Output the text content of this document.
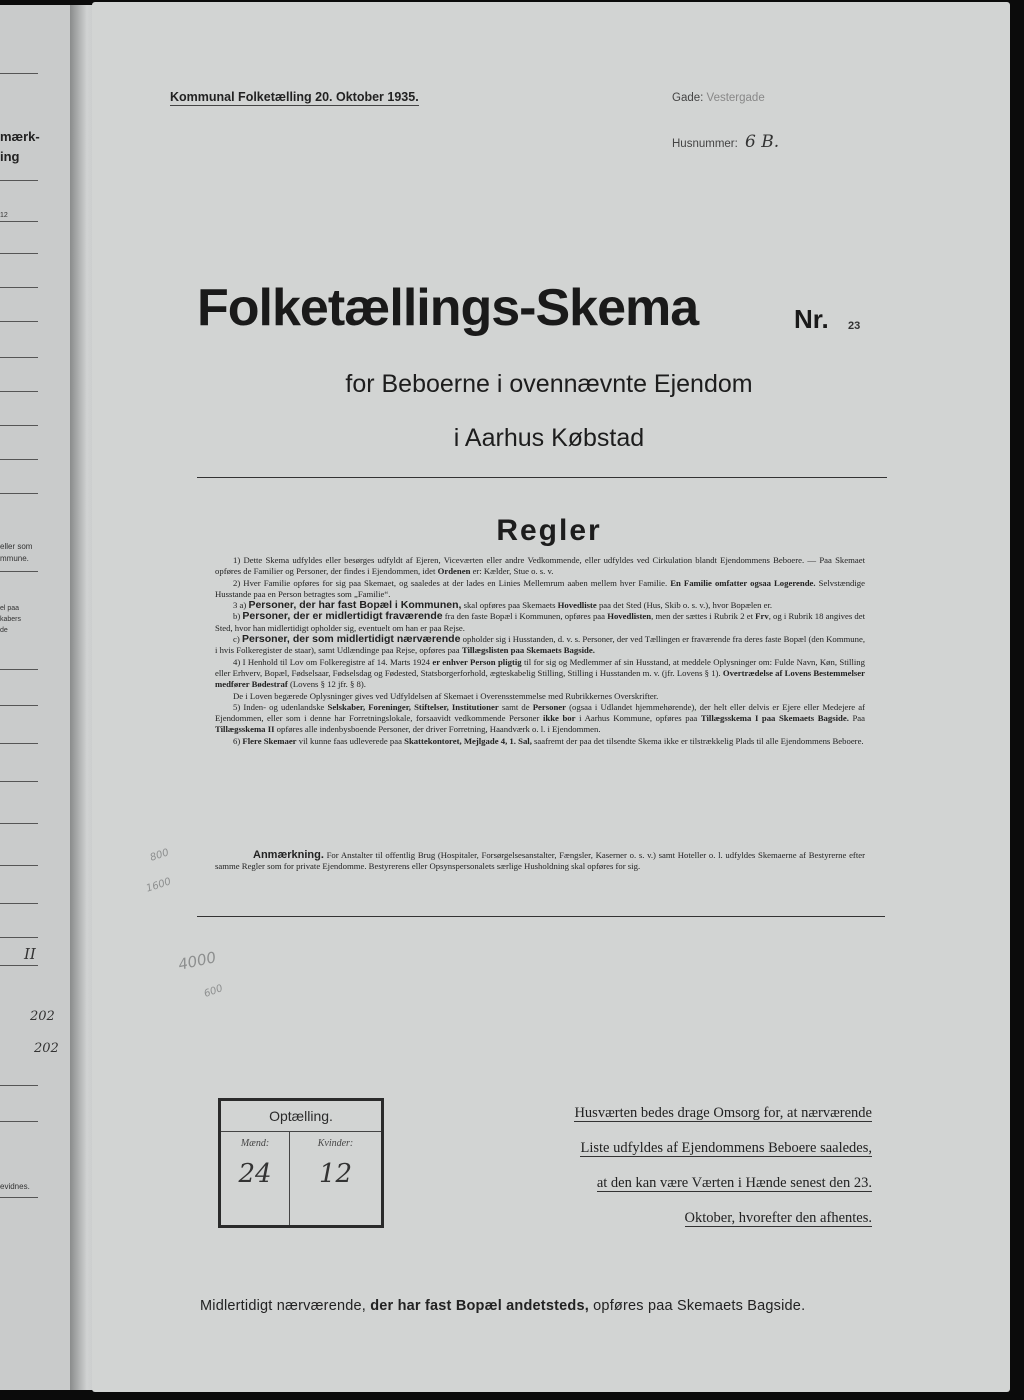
mærk-
ing
12
eller som
mmune.
el paa
kabers
de
II
202
202
evidnes.
Kommunal Folketælling 20. Oktober 1935.	Gade: Vestergade
Husnummer: 6 B.
Folketællings-Skema	Nr. 23
for Beboerne i ovennævnte Ejendom
i Aarhus Købstad
Regler

1) Dette Skema udfyldes eller besørges udfyldt af Ejeren, Viceværten eller andre Vedkommende, eller udfyldes ved Cirkulation blandt Ejendommens Beboere. — Paa Skemaet opføres de Familier og Personer, der findes i Ejendommen, idet Ordenen er: Kælder, Stue o. s. v.

2) Hver Familie opføres for sig paa Skemaet, og saaledes at der lades en Linies Mellemrum aaben mellem hver Familie. En Familie omfatter ogsaa Logerende. Selvstændige Husstande paa en Person betragtes som „Familie“.

3 a) Personer, der har fast Bopæl i Kommunen, skal opføres paa Skemaets Hovedliste paa det Sted (Hus, Skib o. s. v.), hvor Bopælen er.

b) Personer, der er midlertidigt fraværende fra den faste Bopæl i Kommunen, opføres paa Hovedlisten, men der sættes i Rubrik 2 et Frv, og i Rubrik 18 angives det Sted, hvor han midlertidigt opholder sig, eventuelt om han er paa Rejse.

c) Personer, der som midlertidigt nærværende opholder sig i Husstanden, d. v. s. Personer, der ved Tællingen er fraværende fra deres faste Bopæl (den Kommune, i hvis Folkeregister de staar), samt Udlændinge paa Rejse, opføres paa Tillægslisten paa Skemaets Bagside.

4) I Henhold til Lov om Folkeregistre af 14. Marts 1924 er enhver Person pligtig til for sig og Medlemmer af sin Husstand, at meddele Oplysninger om: Fulde Navn, Køn, Stilling eller Erhverv, Bopæl, Fødselsaar, Fødselsdag og Fødested, Statsborgerforhold, ægteskabelig Stilling, Stilling i Husstanden m. v. (jfr. Lovens § 1). Overtrædelse af Lovens Bestemmelser medfører Bødestraf (Lovens § 12 jfr. § 8).

De i Loven begærede Oplysninger gives ved Udfyldelsen af Skemaet i Overensstemmelse med Rubrikkernes Overskrifter.

5) Inden- og udenlandske Selskaber, Foreninger, Stiftelser, Institutioner samt de Personer (ogsaa i Udlandet hjemmehørende), der helt eller delvis er Ejere eller Medejere af Ejendommen, eller som i denne har Forretningslokale, forsaavidt vedkommende Personer ikke bor i Aarhus Kommune, opføres paa Tillægsskema I paa Skemaets Bagside. Paa Tillægsskema II opføres alle indenbysboende Personer, der driver Forretning, Haandværk o. l. i Ejendommen.

6) Flere Skemaer vil kunne faas udleverede paa Skattekontoret, Mejlgade 4, 1. Sal, saafremt der paa det tilsendte Skema ikke er tilstrækkelig Plads til alle Ejendommens Beboere.

Anmærkning. For Anstalter til offentlig Brug (Hospitaler, Forsørgelsesanstalter, Fængsler, Kaserner o. s. v.) samt Hoteller o. l. udfyldes Skemaerne af Bestyrerne efter samme Regler som for private Ejendomme. Bestyrerens eller Opsynspersonalets særlige Husholdning skal opføres for sig.
800
1600
4000
600
Optælling.
Mænd:
24
Kvinder:
12
Husværten bedes drage Omsorg for, at nærværende
Liste udfyldes af Ejendommens Beboere saaledes,
at den kan være Værten i Hænde senest den 23.
Oktober, hvorefter den afhentes.
Midlertidigt nærværende, der har fast Bopæl andetsteds, opføres paa Skemaets Bagside.
